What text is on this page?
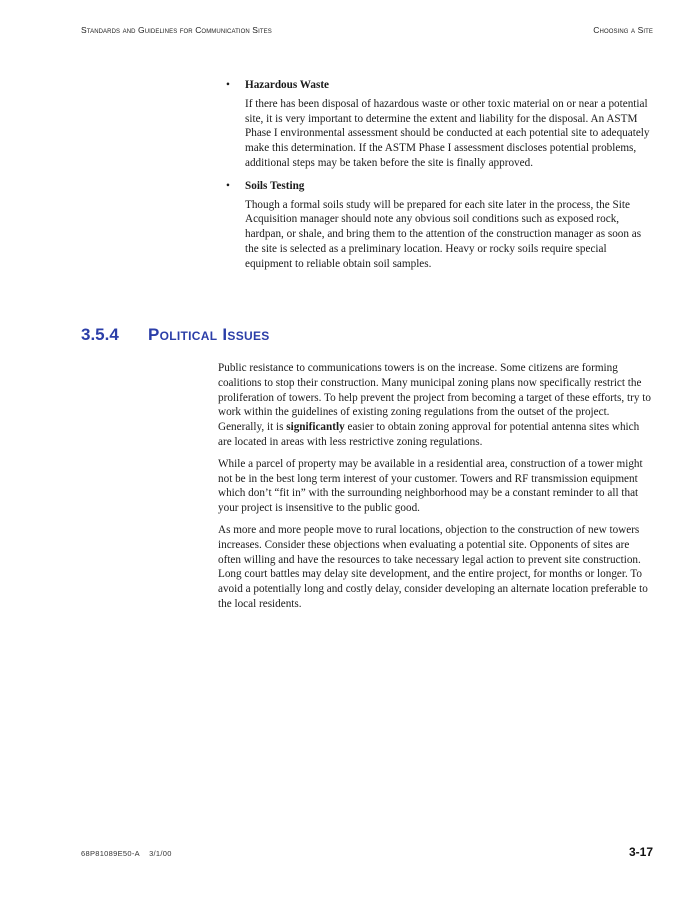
Standards and Guidelines for Communication Sites	Choosing a Site
• Hazardous Waste
If there has been disposal of hazardous waste or other toxic material on or near a potential site, it is very important to determine the extent and liability for the disposal. An ASTM Phase I environmental assessment should be conducted at each potential site to adequately make this determination. If the ASTM Phase I assessment discloses potential problems, additional steps may be taken before the site is finally approved.
• Soils Testing
Though a formal soils study will be prepared for each site later in the process, the Site Acquisition manager should note any obvious soil conditions such as exposed rock, hardpan, or shale, and bring them to the attention of the construction manager as soon as the site is selected as a preliminary location. Heavy or rocky soils require special equipment to reliable obtain soil samples.
3.5.4 Political Issues

Public resistance to communications towers is on the increase. Some citizens are forming coalitions to stop their construction. Many municipal zoning plans now specifically restrict the proliferation of towers. To help prevent the project from becoming a target of these efforts, try to work within the guidelines of existing zoning regulations from the outset of the project. Generally, it is significantly easier to obtain zoning approval for potential antenna sites which are located in areas with less restrictive zoning regulations.

While a parcel of property may be available in a residential area, construction of a tower might not be in the best long term interest of your customer. Towers and RF transmission equipment which don’t “fit in” with the surrounding neighborhood may be a constant reminder to all that your project is insensitive to the public good.

As more and more people move to rural locations, objection to the construction of new towers increases. Consider these objections when evaluating a potential site. Opponents of sites are often willing and have the resources to take necessary legal action to prevent site construction. Long court battles may delay site development, and the entire project, for months or longer. To avoid a potentially long and costly delay, consider developing an alternate location preferable to the local residents.

68P81089E50-A    3/1/00	3-17
